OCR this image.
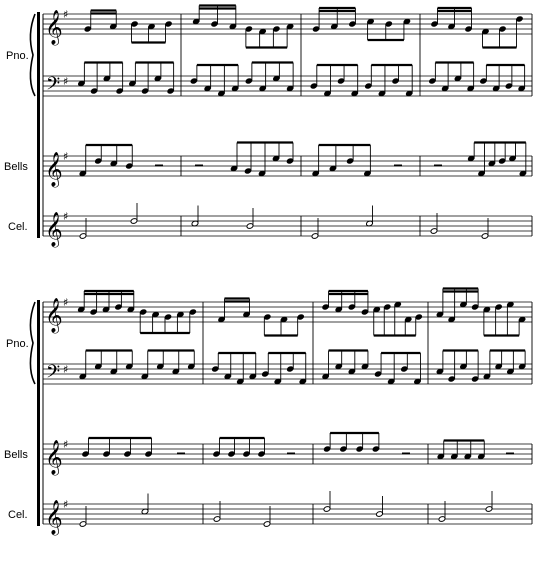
Pno.
Bells
Cel.
Pno.
Bells
Cel.
𝄞
𝄢
𝄞
𝄞
♯
♯
♯
♯
𝄞
𝄢
𝄞
𝄞
♯
♯
♯
♯
